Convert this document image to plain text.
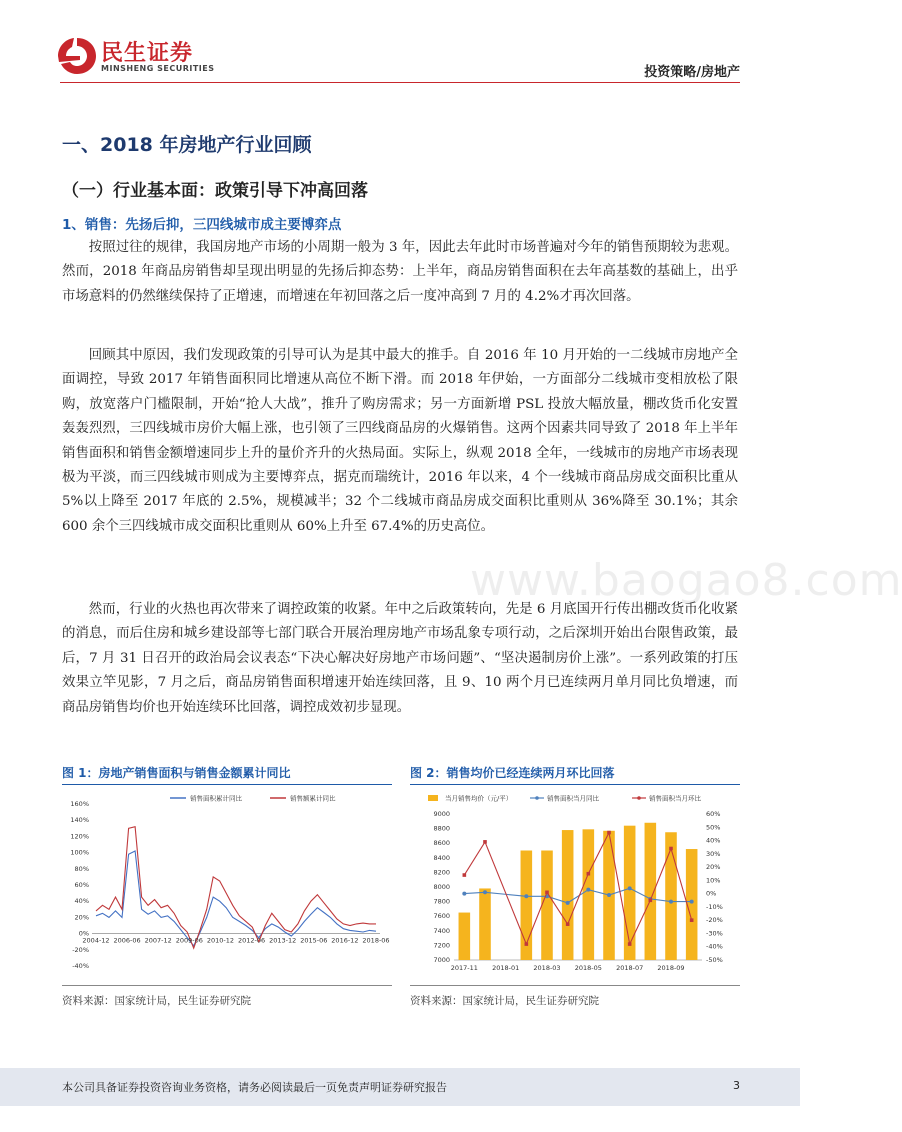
民生证券
MINSHENG SECURITIES	投资策略/房地产
一、2018 年房地产行业回顾
（一）行业基本面：政策引导下冲高回落
1、销售：先扬后抑，三四线城市成主要博弈点
按照过往的规律，我国房地产市场的小周期一般为 3 年，因此去年此时市场普遍对今年的销售预期较为悲观。然而，2018 年商品房销售却呈现出明显的先扬后抑态势：上半年，商品房销售面积在去年高基数的基础上，出乎市场意料的仍然继续保持了正增速，而增速在年初回落之后一度冲高到 7 月的 4.2%才再次回落。
回顾其中原因，我们发现政策的引导可认为是其中最大的推手。自 2016 年 10 月开始的一二线城市房地产全面调控，导致 2017 年销售面积同比增速从高位不断下滑。而 2018 年伊始，一方面部分二线城市变相放松了限购，放宽落户门槛限制，开始“抢人大战”，推升了购房需求；另一方面新增 PSL 投放大幅放量，棚改货币化安置轰轰烈烈，三四线城市房价大幅上涨，也引领了三四线商品房的火爆销售。这两个因素共同导致了 2018 年上半年销售面积和销售金额增速同步上升的量价齐升的火热局面。实际上，纵观 2018 全年，一线城市的房地产市场表现极为平淡，而三四线城市则成为主要博弈点，据克而瑞统计，2016 年以来，4 个一线城市商品房成交面积比重从 5%以上降至 2017 年底的 2.5%，规模减半；32 个二线城市商品房成交面积比重则从 36%降至 30.1%；其余 600 余个三四线城市成交面积比重则从 60%上升至 67.4%的历史高位。
然而，行业的火热也再次带来了调控政策的收紧。年中之后政策转向，先是 6 月底国开行传出棚改货币化收紧的消息，而后住房和城乡建设部等七部门联合开展治理房地产市场乱象专项行动，之后深圳开始出台限售政策，最后，7 月 31 日召开的政治局会议表态“下决心解决好房地产市场问题”、“坚决遏制房价上涨”。一系列政策的打压效果立竿见影，7 月之后，商品房销售面积增速开始连续回落，且 9、10 两个月已连续两月单月同比负增速，而商品房销售均价也开始连续环比回落，调控成效初步显现。
www.baogao8.com
图 1：房地产销售面积与销售金额累计同比
-40%
-20%
0%
20%
40%
60%
80%
100%
120%
140%
160%
销售面积累计同比	销售额累计同比
2004-12 2006-06 2007-12 2009-06 2010-12 2012-06 2013-12 2015-06 2016-12 2018-06
资料来源：国家统计局，民生证券研究院
图 2：销售均价已经连续两月环比回落
7000
7200
7400
7600
7800
8000
8200
8400
8600
8800
9000
-50%
-40%
-30%
-20%
-10%
0%
10%
20%
30%
40%
50%
60%
当月销售均价（元/平）	销售面积当月同比	销售面积当月环比
2017-11 2018-01 2018-03 2018-05 2018-07 2018-09
资料来源：国家统计局，民生证券研究院
本公司具备证券投资咨询业务资格，请务必阅读最后一页免责声明证券研究报告	3
